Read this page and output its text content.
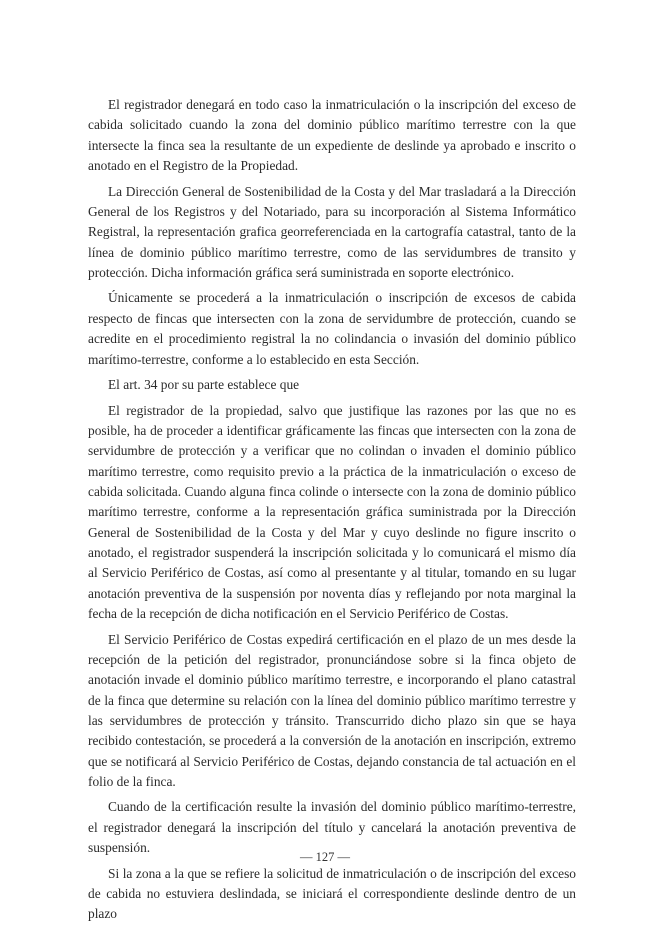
El registrador denegará en todo caso la inmatriculación o la inscripción del exceso de cabida solicitado cuando la zona del dominio público marítimo terrestre con la que intersecte la finca sea la resultante de un expediente de deslinde ya aprobado e inscrito o anotado en el Registro de la Propiedad.

La Dirección General de Sostenibilidad de la Costa y del Mar trasladará a la Dirección General de los Registros y del Notariado, para su incorporación al Sistema Informático Registral, la representación grafica georreferenciada en la cartografía catastral, tanto de la línea de dominio público marítimo terrestre, como de las servidumbres de transito y protección. Dicha información gráfica será suministrada en soporte electrónico.

Únicamente se procederá a la inmatriculación o inscripción de excesos de cabida respecto de fincas que intersecten con la zona de servidumbre de protección, cuando se acredite en el procedimiento registral la no colindancia o invasión del dominio público marítimo-terrestre, conforme a lo establecido en esta Sección.

El art. 34 por su parte establece que

El registrador de la propiedad, salvo que justifique las razones por las que no es posible, ha de proceder a identificar gráficamente las fincas que intersecten con la zona de servidumbre de protección y a verificar que no colindan o invaden el dominio público marítimo terrestre, como requisito previo a la práctica de la inmatriculación o exceso de cabida solicitada. Cuando alguna finca colinde o intersecte con la zona de dominio público marítimo terrestre, conforme a la representación gráfica suministrada por la Dirección General de Sostenibilidad de la Costa y del Mar y cuyo deslinde no figure inscrito o anotado, el registrador suspenderá la inscripción solicitada y lo comunicará el mismo día al Servicio Periférico de Costas, así como al presentante y al titular, tomando en su lugar anotación preventiva de la suspensión por noventa días y reflejando por nota marginal la fecha de la recepción de dicha notificación en el Servicio Periférico de Costas.

El Servicio Periférico de Costas expedirá certificación en el plazo de un mes desde la recepción de la petición del registrador, pronunciándose sobre si la finca objeto de anotación invade el dominio público marítimo terrestre, e incorporando el plano catastral de la finca que determine su relación con la línea del dominio público marítimo terrestre y las servidumbres de protección y tránsito. Transcurrido dicho plazo sin que se haya recibido contestación, se procederá a la conversión de la anotación en inscripción, extremo que se notificará al Servicio Periférico de Costas, dejando constancia de tal actuación en el folio de la finca.

Cuando de la certificación resulte la invasión del dominio público marítimo-terrestre, el registrador denegará la inscripción del título y cancelará la anotación preventiva de suspensión.

Si la zona a la que se refiere la solicitud de inmatriculación o de inscripción del exceso de cabida no estuviera deslindada, se iniciará el correspondiente deslinde dentro de un plazo

— 127 —
